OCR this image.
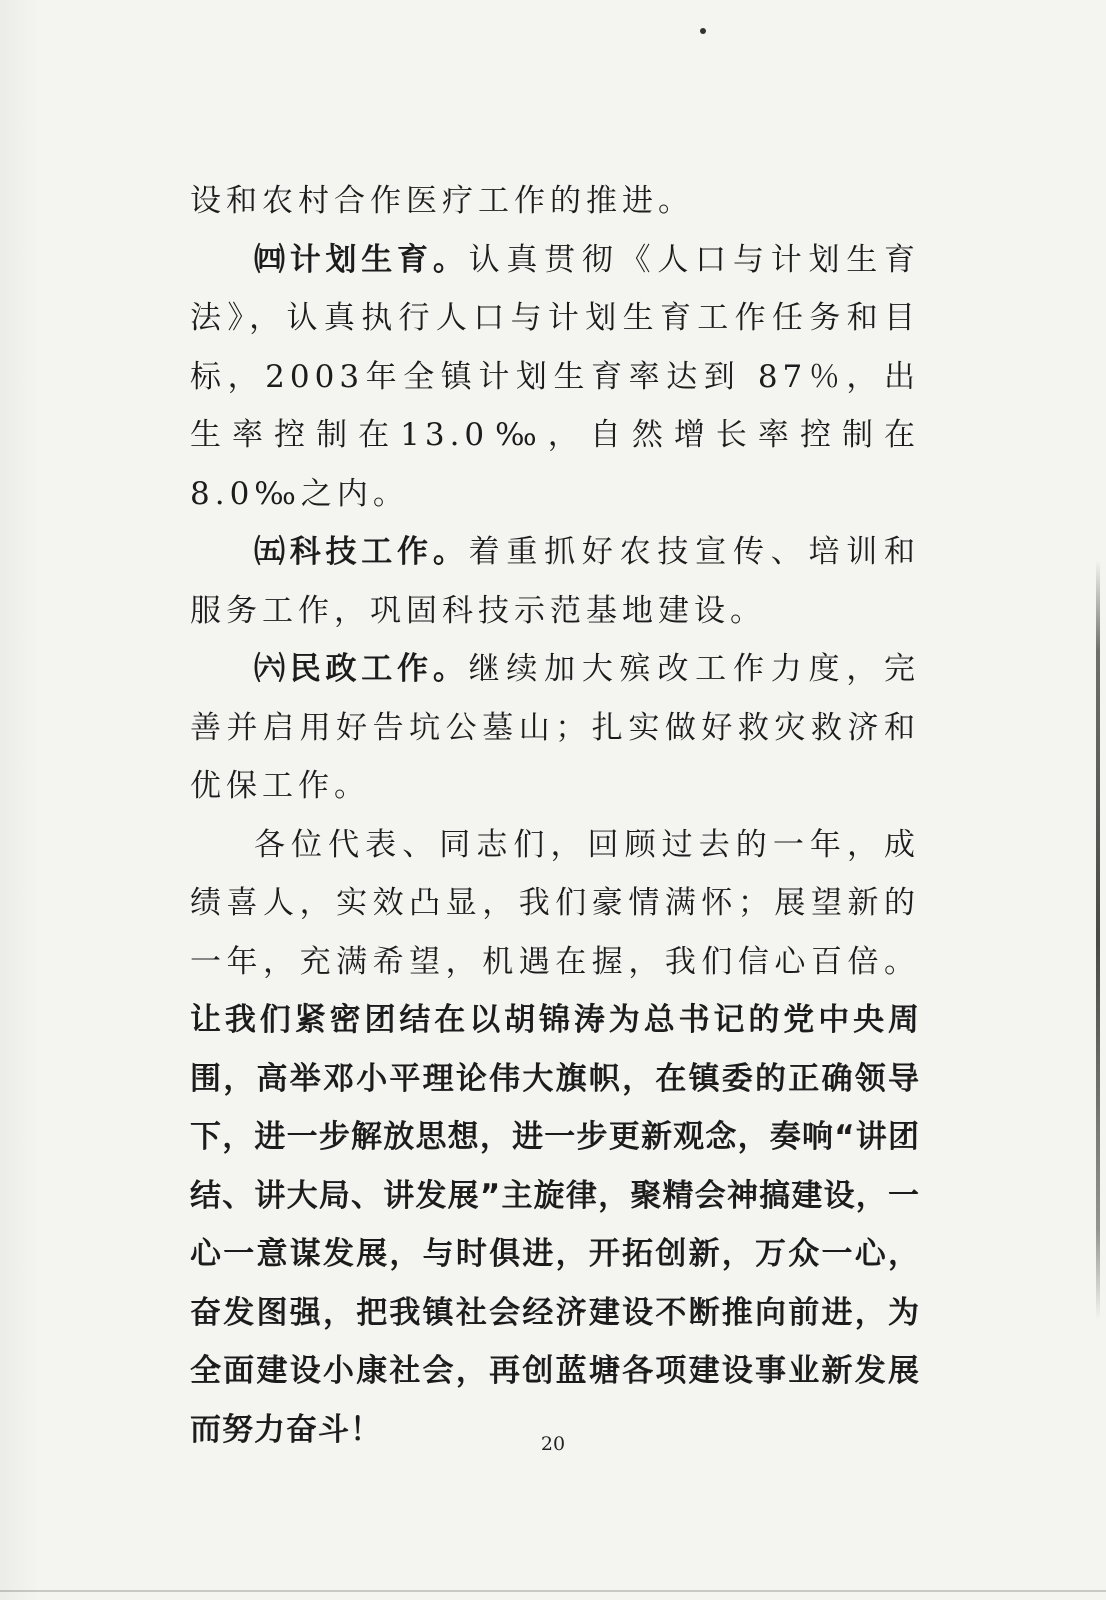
设和农村合作医疗工作的推进。

㈣计划生育。认真贯彻《人口与计划生育法》，认真执行人口与计划生育工作任务和目标，2003年全镇计划生育率达到 87％，出生率控制在13.0‰，自然增长率控制在 8.0‰之内。

㈤科技工作。着重抓好农技宣传、培训和服务工作，巩固科技示范基地建设。

㈥民政工作。继续加大殡改工作力度，完善并启用好告坑公墓山；扎实做好救灾救济和优保工作。

各位代表、同志们，回顾过去的一年，成绩喜人，实效凸显，我们豪情满怀；展望新的一年，充满希望，机遇在握，我们信心百倍。让我们紧密团结在以胡锦涛为总书记的党中央周围，高举邓小平理论伟大旗帜，在镇委的正确领导下，进一步解放思想，进一步更新观念，奏响“讲团结、讲大局、讲发展”主旋律，聚精会神搞建设，一心一意谋发展，与时俱进，开拓创新，万众一心，奋发图强，把我镇社会经济建设不断推向前进，为全面建设小康社会，再创蓝塘各项建设事业新发展而努力奋斗！	20
